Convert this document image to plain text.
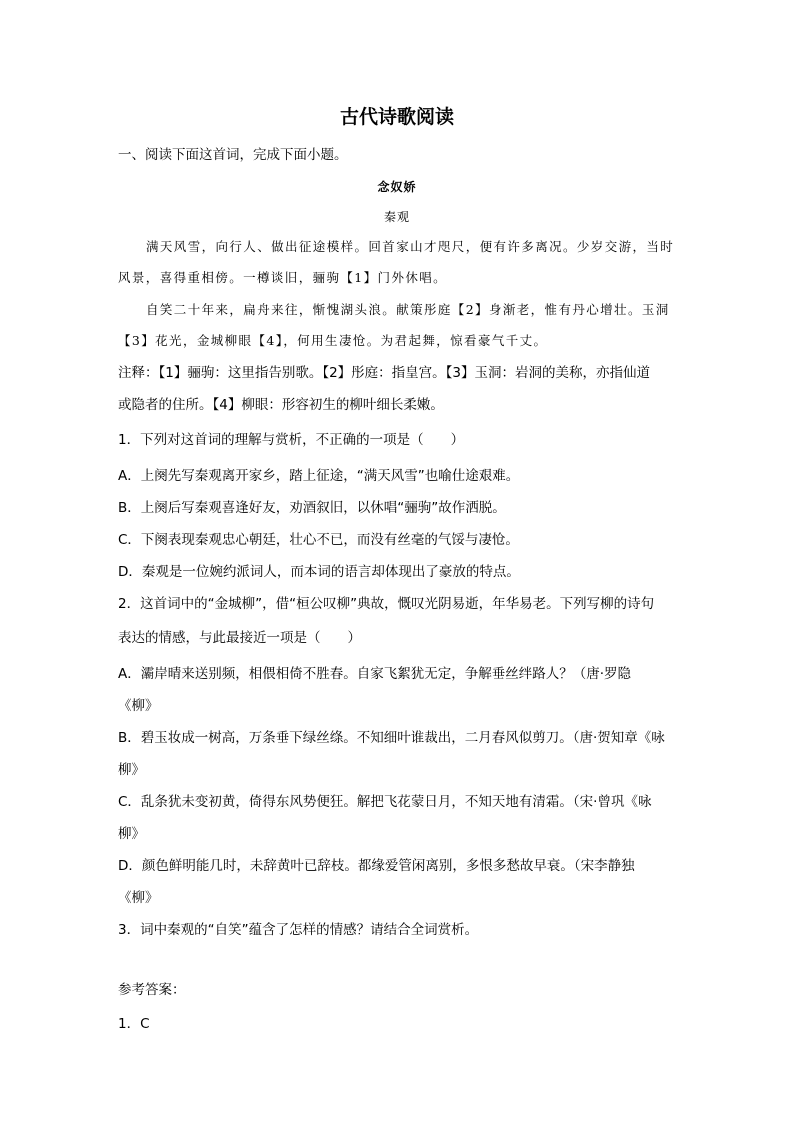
古代诗歌阅读
一、阅读下面这首词，完成下面小题。
念奴娇
秦观
满天风雪，向行人、做出征途模样。回首家山才咫尺，便有许多离况。少岁交游，当时
风景，喜得重相傍。一樽谈旧，骊驹【1】门外休唱。
自笑二十年来，扁舟来往，惭愧湖头浪。献策彤庭【2】身渐老，惟有丹心增壮。玉洞
【3】花光，金城柳眼【4】，何用生凄怆。为君起舞，惊看豪气千丈。
注释：【1】骊驹：这里指告别歌。【2】彤庭：指皇宫。【3】玉洞：岩洞的美称，亦指仙道
或隐者的住所。【4】柳眼：形容初生的柳叶细长柔嫩。
1．下列对这首词的理解与赏析，不正确的一项是（　　）
A．上阕先写秦观离开家乡，踏上征途，“满天风雪”也喻仕途艰难。
B．上阕后写秦观喜逢好友，劝酒叙旧，以休唱“骊驹”故作洒脱。
C．下阕表现秦观忠心朝廷，壮心不已，而没有丝毫的气馁与凄怆。
D．秦观是一位婉约派词人，而本词的语言却体现出了豪放的特点。
2．这首词中的“金城柳”，借“桓公叹柳”典故，慨叹光阴易逝，年华易老。下列写柳的诗句
表达的情感，与此最接近一项是（　　）
A．灞岸晴来送别频，相偎相倚不胜春。自家飞絮犹无定，争解垂丝绊路人？（唐·罗隐
《柳》
B．碧玉妆成一树高，万条垂下绿丝绦。不知细叶谁裁出，二月春风似剪刀。（唐·贺知章《咏
柳》
C．乱条犹未变初黄，倚得东风势便狂。解把飞花蒙日月，不知天地有清霜。（宋·曾巩《咏
柳》
D．颜色鲜明能几时，未辞黄叶已辞枝。都缘爱管闲离别，多恨多愁故早衰。（宋李静独
《柳》
3．词中秦观的“自笑”蕴含了怎样的情感？请结合全词赏析。
参考答案：
1．C
